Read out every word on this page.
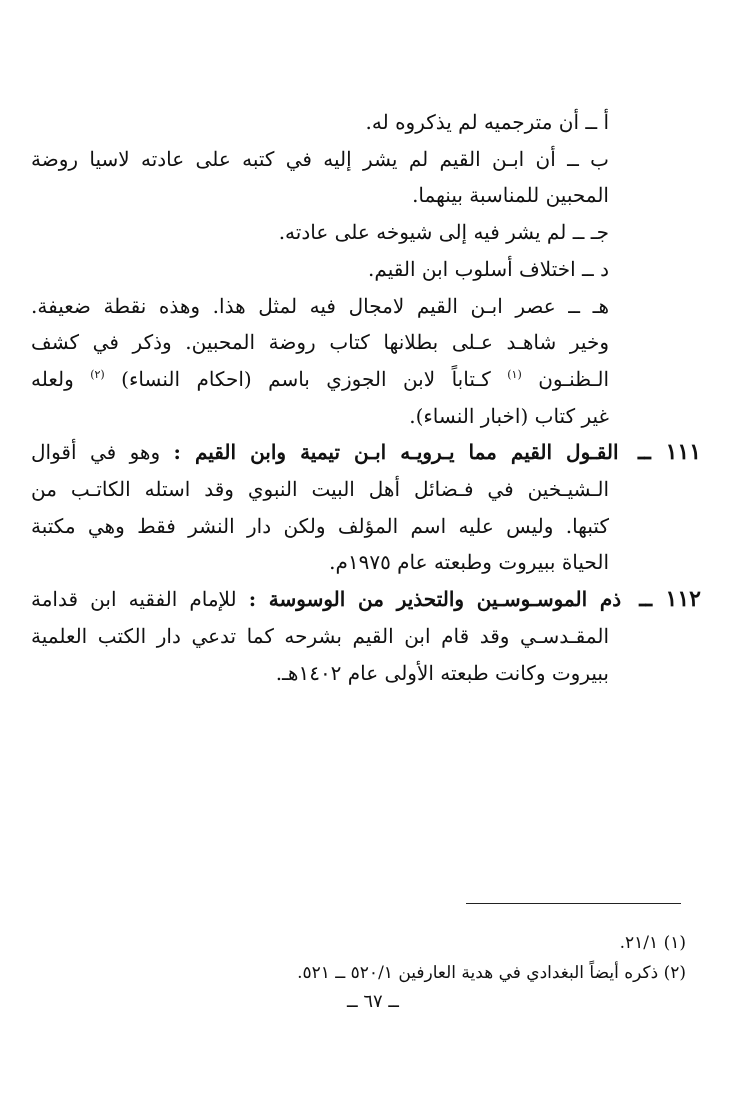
أ ــ أن مترجميه لم يذكروه له.
ب ــ أن ابـن القيم لم يشر إليه في كتبه على عادته لاسيا روضة
المحبين للمناسبة بينهما.
جـ ــ لم يشر فيه إلى شيوخه على عادته.
د ــ اختلاف أسلوب ابن القيم.
هـ ــ عصر ابـن القيم لامجال فيه لمثل هذا. وهذه نقطة ضعيفة.
وخير شاهـد عـلى بطلانها كتاب روضة المحبين. وذكر في كشف
الـظنـون $^{(١)}$ كـتاباً لابن الجوزي باسم (احكام النساء) $^{(٢)}$ ولعله
غير كتاب (اخبار النساء).
١١١ ــ القـول القيم مما يـرويـه ابـن تيمية وابن القيم : وهو في أقوال
الـشيـخين في فـضائل أهل البيت النبوي وقد استله الكاتـب من
كتبها. وليس عليه اسم المؤلف ولكن دار النشر فقط وهي مكتبة
الحياة ببيروت وطبعته عام ١٩٧٥م.
١١٢ ــ ذم الموسـوسـين والتحذير من الوسوسة : للإمام الفقيه ابن قدامة
المقـدسـي وقد قام ابن القيم بشرحه كما تدعي دار الكتب العلمية
ببيروت وكانت طبعته الأولى عام ١٤٠٢هـ.
(١) ٢١/١.
(٢) ذكره أيضاً البغدادي في هدية العارفين ٥٢٠/١ ــ ٥٢١.
ــ ٦٧ ــ
